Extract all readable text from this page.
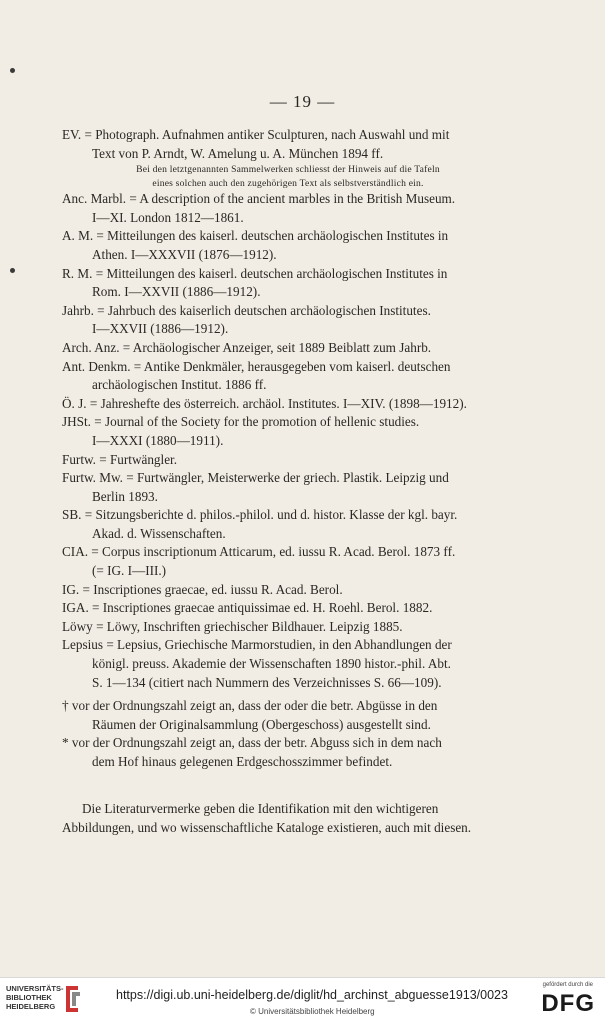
— 19 —
EV. = Photograph. Aufnahmen antiker Sculpturen, nach Auswahl und mit
Text von P. Arndt, W. Amelung u. A. München 1894 ff.
Bei den letztgenannten Sammelwerken schliesst der Hinweis auf die Tafeln
eines solchen auch den zugehörigen Text als selbstverständlich ein.
Anc. Marbl. = A description of the ancient marbles in the British Museum.
I—XI. London 1812—1861.
A. M. = Mitteilungen des kaiserl. deutschen archäologischen Institutes in
Athen. I—XXXVII (1876—1912).
R. M. = Mitteilungen des kaiserl. deutschen archäologischen Institutes in
Rom. I—XXVII (1886—1912).
Jahrb. = Jahrbuch des kaiserlich deutschen archäologischen Institutes.
I—XXVII (1886—1912).
Arch. Anz. = Archäologischer Anzeiger, seit 1889 Beiblatt zum Jahrb.
Ant. Denkm. = Antike Denkmäler, herausgegeben vom kaiserl. deutschen
archäologischen Institut. 1886 ff.
Ö. J. = Jahreshefte des österreich. archäol. Institutes. I—XIV. (1898—1912).
JHSt. = Journal of the Society for the promotion of hellenic studies.
I—XXXI (1880—1911).
Furtw. = Furtwängler.
Furtw. Mw. = Furtwängler, Meisterwerke der griech. Plastik. Leipzig und
Berlin 1893.
SB. = Sitzungsberichte d. philos.-philol. und d. histor. Klasse der kgl. bayr.
Akad. d. Wissenschaften.
CIA. = Corpus inscriptionum Atticarum, ed. iussu R. Acad. Berol. 1873 ff.
(= IG. I—III.)
IG. = Inscriptiones graecae, ed. iussu R. Acad. Berol.
IGA. = Inscriptiones graecae antiquissimae ed. H. Roehl. Berol. 1882.
Löwy = Löwy, Inschriften griechischer Bildhauer. Leipzig 1885.
Lepsius = Lepsius, Griechische Marmorstudien, in den Abhandlungen der
königl. preuss. Akademie der Wissenschaften 1890 histor.-phil. Abt.
S. 1—134 (citiert nach Nummern des Verzeichnisses S. 66—109).
† vor der Ordnungszahl zeigt an, dass der oder die betr. Abgüsse in den
Räumen der Originalsammlung (Obergeschoss) ausgestellt sind.
* vor der Ordnungszahl zeigt an, dass der betr. Abguss sich in dem nach
dem Hof hinaus gelegenen Erdgeschosszimmer befindet.
Die Literaturvermerke geben die Identifikation mit den wichtigeren
Abbildungen, und wo wissenschaftliche Kataloge existieren, auch mit diesen.
UNIVERSITÄTS-
BIBLIOTHEK
HEIDELBERG
https://digi.ub.uni-heidelberg.de/diglit/hd_archinst_abguesse1913/0023
© Universitätsbibliothek Heidelberg
gefördert durch die
DFG
